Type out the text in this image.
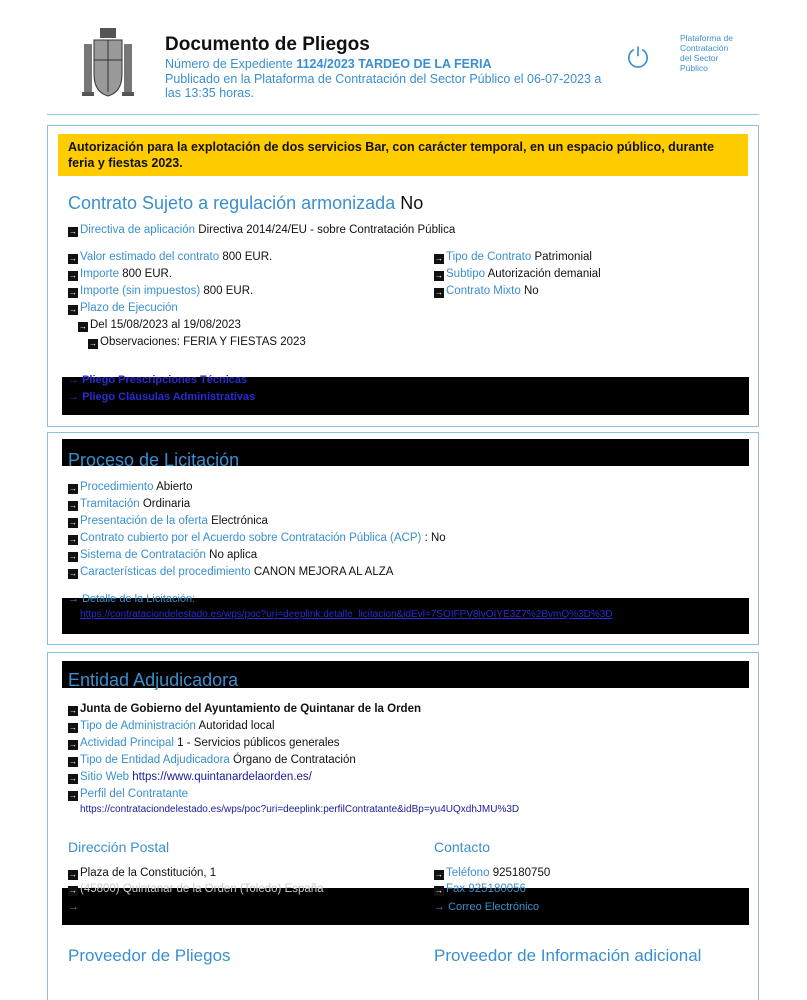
Documento de Pliegos
Número de Expediente 1124/2023 TARDEO DE LA FERIA
Publicado en la Plataforma de Contratación del Sector Público el 06-07-2023 a
las 13:35 horas.
Plataforma de
Contratación
del Sector
Público
Autorización para la explotación de dos servicios Bar, con carácter temporal, en un espacio público, durante feria y fiestas 2023.
Contrato Sujeto a regulación armonizada No
→ Directiva de aplicación Directiva 2014/24/EU - sobre Contratación Pública
→ Valor estimado del contrato 800 EUR.
→ Importe 800 EUR.
→ Importe (sin impuestos) 800 EUR.
→ Plazo de Ejecución
→ Del 15/08/2023 al 19/08/2023
→ Observaciones: FERIA Y FIESTAS 2023
→ Tipo de Contrato Patrimonial
→ Subtipo Autorización demanial
→ Contrato Mixto No
→ Pliego Prescripciones Técnicas
→ Pliego Cláusulas Administrativas
Proceso de Licitación
→ Procedimiento Abierto
→ Tramitación Ordinaria
→ Presentación de la oferta Electrónica
→ Contrato cubierto por el Acuerdo sobre Contratación Pública (ACP) : No
→ Sistema de Contratación No aplica
→ Características del procedimiento CANON MEJORA AL ALZA
→ Detalle de la Licitación:
https://contrataciondelestado.es/wps/poc?uri=deeplink:detalle_licitacion&idEvl=7SOIFPV8lvOIYE3Z7%2BvmQ%3D%3D
Entidad Adjudicadora
→ Junta de Gobierno del Ayuntamiento de Quintanar de la Orden
→ Tipo de Administración Autoridad local
→ Actividad Principal 1 - Servicios públicos generales
→ Tipo de Entidad Adjudicadora Órgano de Contratación
→ Sitio Web https://www.quintanardelaorden.es/
→ Perfil del Contratante
https://contrataciondelestado.es/wps/poc?uri=deeplink:perfilContratante&idBp=yu4UQxdhJMU%3D
Dirección Postal	Contacto
→ Plaza de la Constitución, 1	→ Teléfono 925180750
→ (45800) Quintanar de la Orden (Toledo) España	→ Fax 925180056
→	→ Correo Electrónico
Proveedor de Pliegos	Proveedor de Información adicional
